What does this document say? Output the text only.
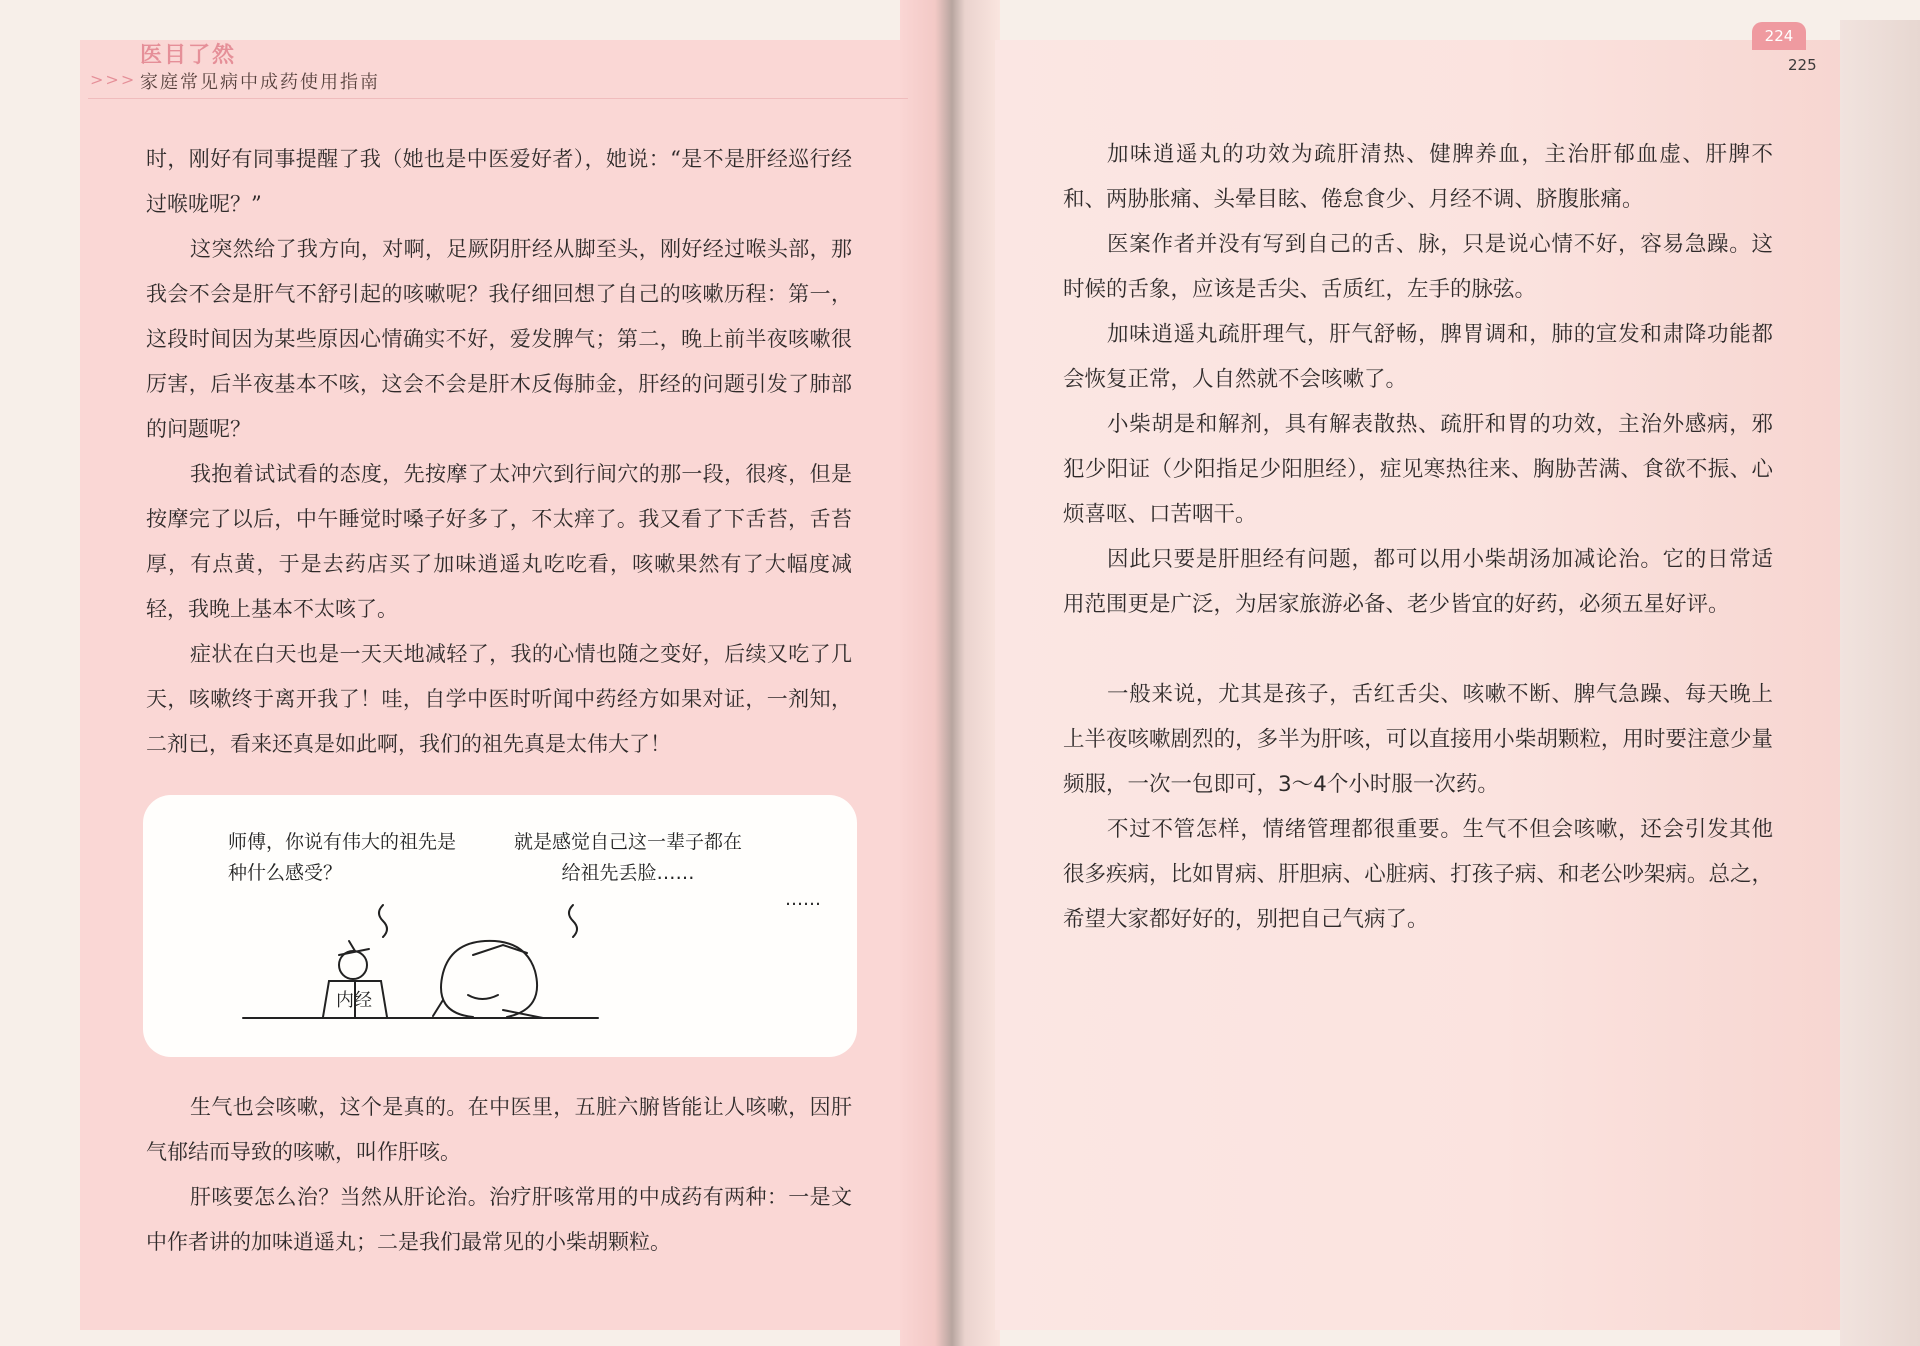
医目了然
>>> 家庭常见病中成药使用指南
224
225

时，刚好有同事提醒了我（她也是中医爱好者），她说：“是不是肝经巡行经过喉咙呢？”

这突然给了我方向，对啊，足厥阴肝经从脚至头，刚好经过喉头部，那我会不会是肝气不舒引起的咳嗽呢？我仔细回想了自己的咳嗽历程：第一，这段时间因为某些原因心情确实不好，爱发脾气；第二，晚上前半夜咳嗽很厉害，后半夜基本不咳，这会不会是肝木反侮肺金，肝经的问题引发了肺部的问题呢？

我抱着试试看的态度，先按摩了太冲穴到行间穴的那一段，很疼，但是按摩完了以后，中午睡觉时嗓子好多了，不太痒了。我又看了下舌苔，舌苔厚，有点黄，于是去药店买了加味逍遥丸吃吃看，咳嗽果然有了大幅度减轻，我晚上基本不太咳了。

症状在白天也是一天天地减轻了，我的心情也随之变好，后续又吃了几天，咳嗽终于离开我了！哇，自学中医时听闻中药经方如果对证，一剂知，二剂已，看来还真是如此啊，我们的祖先真是太伟大了！

师傅，你说有伟大的祖先是种什么感受？

就是感觉自己这一辈子都在给祖先丢脸……

内经
……

生气也会咳嗽，这个是真的。在中医里，五脏六腑皆能让人咳嗽，因肝气郁结而导致的咳嗽，叫作肝咳。

肝咳要怎么治？当然从肝论治。治疗肝咳常用的中成药有两种：一是文中作者讲的加味逍遥丸；二是我们最常见的小柴胡颗粒。

加味逍遥丸的功效为疏肝清热、健脾养血，主治肝郁血虚、肝脾不和、两胁胀痛、头晕目眩、倦怠食少、月经不调、脐腹胀痛。

医案作者并没有写到自己的舌、脉，只是说心情不好，容易急躁。这时候的舌象，应该是舌尖、舌质红，左手的脉弦。

加味逍遥丸疏肝理气，肝气舒畅，脾胃调和，肺的宣发和肃降功能都会恢复正常，人自然就不会咳嗽了。

小柴胡是和解剂，具有解表散热、疏肝和胃的功效，主治外感病，邪犯少阳证（少阳指足少阳胆经），症见寒热往来、胸胁苦满、食欲不振、心烦喜呕、口苦咽干。

因此只要是肝胆经有问题，都可以用小柴胡汤加减论治。它的日常适用范围更是广泛，为居家旅游必备、老少皆宜的好药，必须五星好评。

一般来说，尤其是孩子，舌红舌尖、咳嗽不断、脾气急躁、每天晚上上半夜咳嗽剧烈的，多半为肝咳，可以直接用小柴胡颗粒，用时要注意少量频服，一次一包即可，3～4个小时服一次药。

不过不管怎样，情绪管理都很重要。生气不但会咳嗽，还会引发其他很多疾病，比如胃病、肝胆病、心脏病、打孩子病、和老公吵架病。总之，希望大家都好好的，别把自己气病了。
